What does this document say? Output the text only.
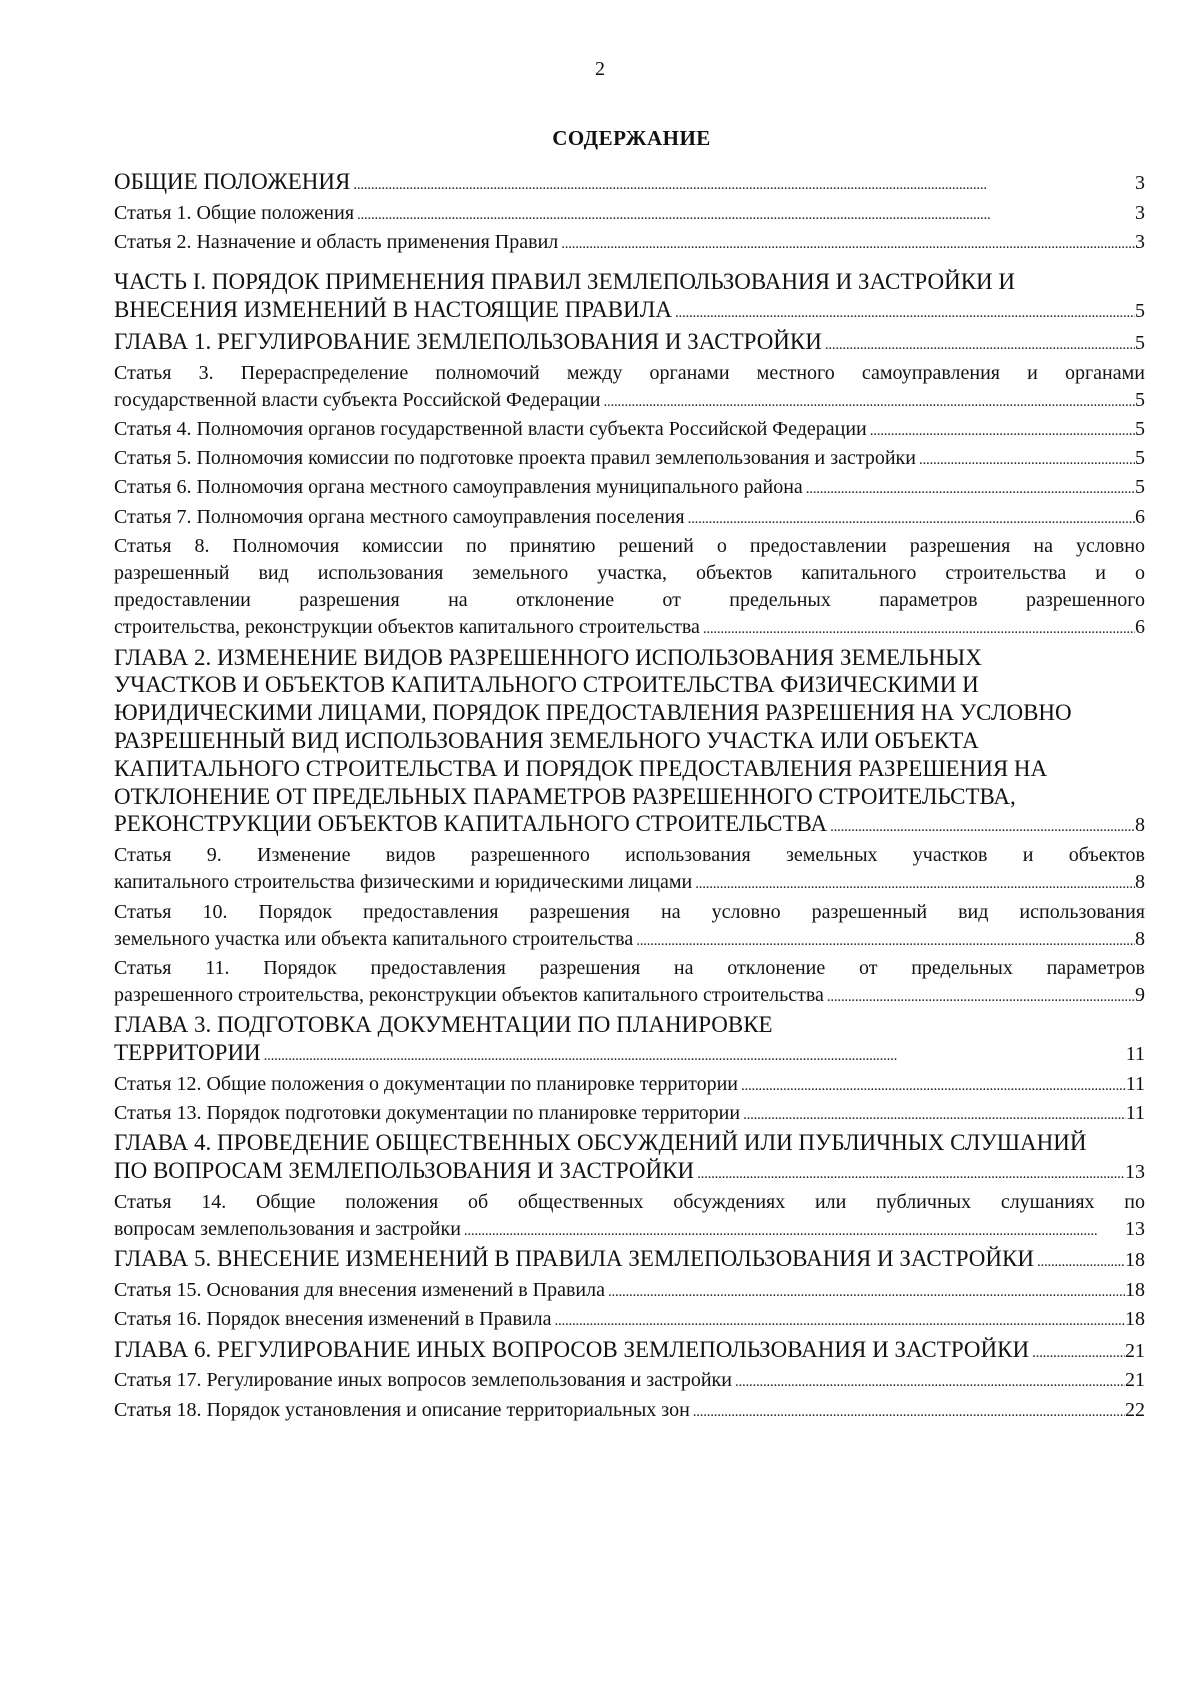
2
СОДЕРЖАНИЕ
ОБЩИЕ ПОЛОЖЕНИЯ . . .	3
Статья 1. Общие положения . . .	3
Статья 2. Назначение и область применения Правил . . .	3
ЧАСТЬ I. ПОРЯДОК ПРИМЕНЕНИЯ ПРАВИЛ ЗЕМЛЕПОЛЬЗОВАНИЯ И ЗАСТРОЙКИ И
ВНЕСЕНИЯ ИЗМЕНЕНИЙ В НАСТОЯЩИЕ ПРАВИЛА . . .	5
ГЛАВА 1. РЕГУЛИРОВАНИЕ ЗЕМЛЕПОЛЬЗОВАНИЯ И ЗАСТРОЙКИ . . .	5
Статья 3. Перераспределение полномочий между органами местного самоуправления и органами
государственной власти субъекта Российской Федерации . . .	5
Статья 4. Полномочия органов государственной власти субъекта Российской Федерации . . .	5
Статья 5. Полномочия комиссии по подготовке проекта правил землепользования и застройки . . .	5
Статья 6. Полномочия органа местного самоуправления муниципального района . . .	5
Статья 7. Полномочия органа местного самоуправления поселения . . .	6
Статья 8. Полномочия комиссии по принятию решений о предоставлении разрешения на условно
разрешенный вид использования земельного участка, объектов капитального строительства и о
предоставлении разрешения на отклонение от предельных параметров разрешенного
строительства, реконструкции объектов капитального строительства . . .	6
ГЛАВА 2. ИЗМЕНЕНИЕ ВИДОВ РАЗРЕШЕННОГО ИСПОЛЬЗОВАНИЯ ЗЕМЕЛЬНЫХ
УЧАСТКОВ И ОБЪЕКТОВ КАПИТАЛЬНОГО СТРОИТЕЛЬСТВА ФИЗИЧЕСКИМИ И
ЮРИДИЧЕСКИМИ ЛИЦАМИ, ПОРЯДОК ПРЕДОСТАВЛЕНИЯ РАЗРЕШЕНИЯ НА УСЛОВНО
РАЗРЕШЕННЫЙ ВИД ИСПОЛЬЗОВАНИЯ ЗЕМЕЛЬНОГО УЧАСТКА ИЛИ ОБЪЕКТА
КАПИТАЛЬНОГО СТРОИТЕЛЬСТВА И ПОРЯДОК ПРЕДОСТАВЛЕНИЯ РАЗРЕШЕНИЯ НА
ОТКЛОНЕНИЕ ОТ ПРЕДЕЛЬНЫХ ПАРАМЕТРОВ РАЗРЕШЕННОГО СТРОИТЕЛЬСТВА,
РЕКОНСТРУКЦИИ ОБЪЕКТОВ КАПИТАЛЬНОГО СТРОИТЕЛЬСТВА . . .	8
Статья 9. Изменение видов разрешенного использования земельных участков и объектов
капитального строительства физическими и юридическими лицами . . .	8
Статья 10. Порядок предоставления разрешения на условно разрешенный вид использования
земельного участка или объекта капитального строительства . . .	8
Статья 11. Порядок предоставления разрешения на отклонение от предельных параметров
разрешенного строительства, реконструкции объектов капитального строительства . . .	9
ГЛАВА 3. ПОДГОТОВКА ДОКУМЕНТАЦИИ ПО ПЛАНИРОВКЕ
ТЕРРИТОРИИ . . .	11
Статья 12. Общие положения о документации по планировке территории . . .	11
Статья 13. Порядок подготовки документации по планировке территории . . .	11
ГЛАВА 4. ПРОВЕДЕНИЕ ОБЩЕСТВЕННЫХ ОБСУЖДЕНИЙ ИЛИ ПУБЛИЧНЫХ СЛУШАНИЙ
ПО ВОПРОСАМ ЗЕМЛЕПОЛЬЗОВАНИЯ И ЗАСТРОЙКИ . . .	13
Статья 14. Общие положения об общественных обсуждениях или публичных слушаниях по
вопросам землепользования и застройки . . .	13
ГЛАВА 5. ВНЕСЕНИЕ ИЗМЕНЕНИЙ В ПРАВИЛА ЗЕМЛЕПОЛЬЗОВАНИЯ И ЗАСТРОЙКИ . . .	18
Статья 15. Основания для внесения изменений в Правила . . .	18
Статья 16. Порядок внесения изменений в Правила . . .	18
ГЛАВА 6. РЕГУЛИРОВАНИЕ ИНЫХ ВОПРОСОВ ЗЕМЛЕПОЛЬЗОВАНИЯ И ЗАСТРОЙКИ . . .	21
Статья 17. Регулирование иных вопросов землепользования и застройки . . .	21
Статья 18. Порядок установления и описание территориальных зон . . .	22
